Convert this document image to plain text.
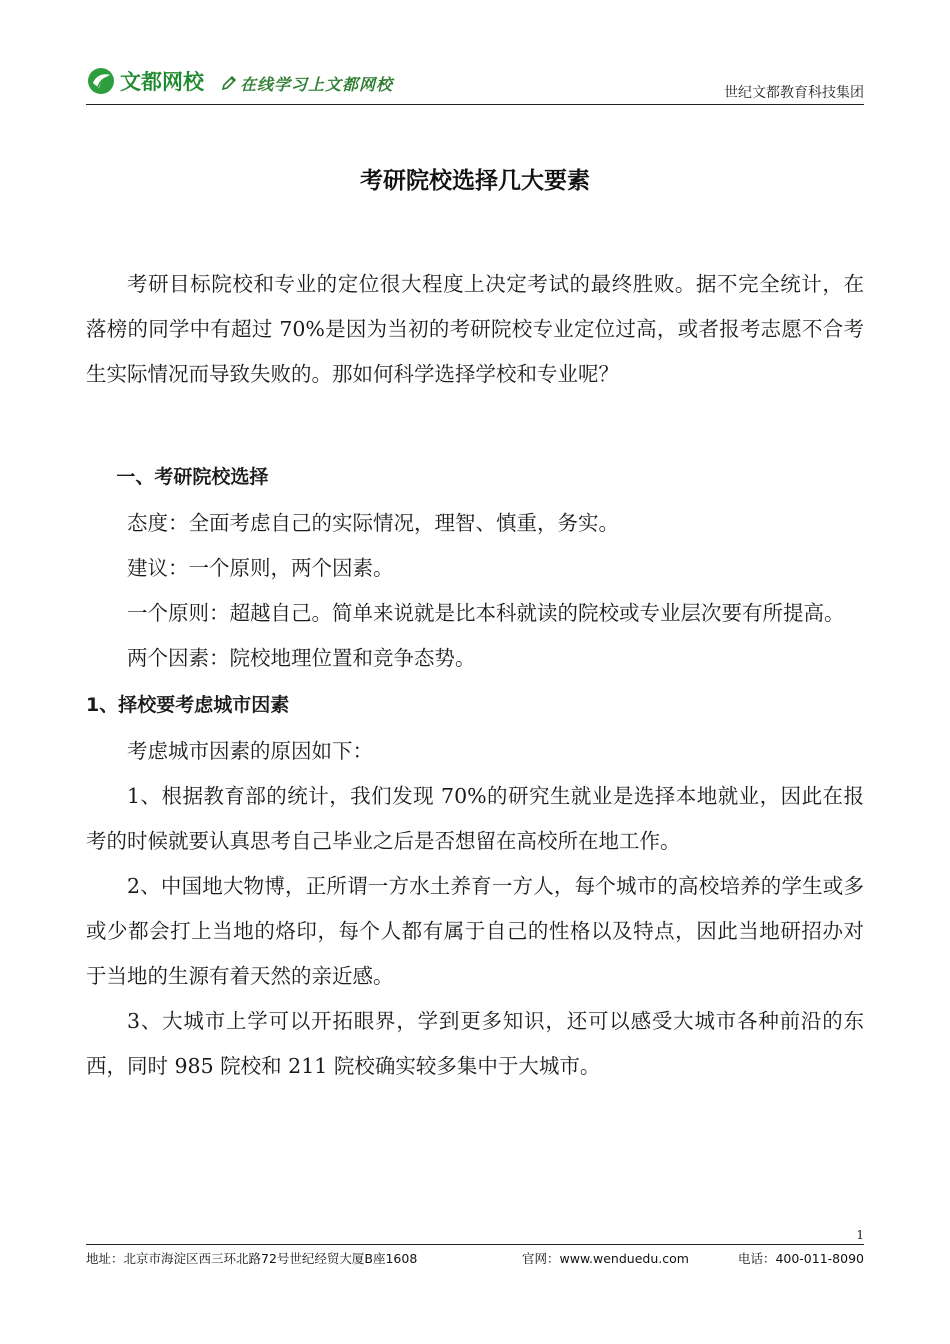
文都网校 在线学习上文都网校	世纪文都教育科技集团
考研院校选择几大要素

考研目标院校和专业的定位很大程度上决定考试的最终胜败。据不完全统计，在落榜的同学中有超过 70%是因为当初的考研院校专业定位过高，或者报考志愿不合考生实际情况而导致失败的。那如何科学选择学校和专业呢？

一、考研院校选择

态度：全面考虑自己的实际情况，理智、慎重，务实。

建议：一个原则，两个因素。

一个原则：超越自己。简单来说就是比本科就读的院校或专业层次要有所提高。

两个因素：院校地理位置和竞争态势。

1、择校要考虑城市因素

考虑城市因素的原因如下：

1、根据教育部的统计，我们发现 70%的研究生就业是选择本地就业，因此在报考的时候就要认真思考自己毕业之后是否想留在高校所在地工作。

2、中国地大物博，正所谓一方水土养育一方人，每个城市的高校培养的学生或多或少都会打上当地的烙印，每个人都有属于自己的性格以及特点，因此当地研招办对于当地的生源有着天然的亲近感。

3、大城市上学可以开拓眼界，学到更多知识，还可以感受大城市各种前沿的东西，同时 985 院校和 211 院校确实较多集中于大城市。

1
地址：北京市海淀区西三环北路72号世纪经贸大厦B座1608	官网：www.wenduedu.com	电话：400-011-8090
